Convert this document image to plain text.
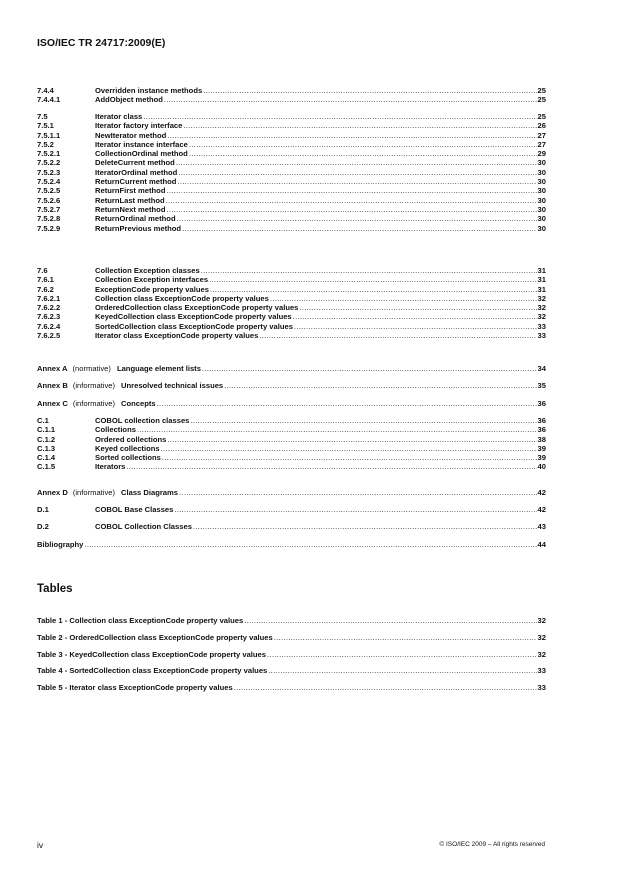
ISO/IEC TR 24717:2009(E)
7.4.4	Overridden instance methods .....	25
7.4.4.1	AddObject method .....	25
7.5	Iterator class .....	25
7.5.1	Iterator factory interface .....	26
7.5.1.1	NewIterator method .....	27
7.5.2	Iterator instance interface .....	27
7.5.2.1	CollectionOrdinal method .....	29
7.5.2.2	DeleteCurrent method .....	30
7.5.2.3	IteratorOrdinal method .....	30
7.5.2.4	ReturnCurrent method .....	30
7.5.2.5	ReturnFirst method .....	30
7.5.2.6	ReturnLast method .....	30
7.5.2.7	ReturnNext method .....	30
7.5.2.8	ReturnOrdinal method .....	30
7.5.2.9	ReturnPrevious method .....	30
7.6	Collection Exception classes .....	31
7.6.1	Collection Exception interfaces .....	31
7.6.2	ExceptionCode property values .....	31
7.6.2.1	Collection class ExceptionCode property values .....	32
7.6.2.2	OrderedCollection class ExceptionCode property values .....	32
7.6.2.3	KeyedCollection class ExceptionCode property values .....	32
7.6.2.4	SortedCollection class ExceptionCode property values .....	33
7.6.2.5	Iterator class ExceptionCode property values .....	33
Annex A (normative) Language element lists .....	34
Annex B (informative) Unresolved technical issues .....	35
Annex C (informative) Concepts .....	36
C.1	COBOL collection classes .....	36
C.1.1	Collections .....	36
C.1.2	Ordered collections .....	38
C.1.3	Keyed collections .....	39
C.1.4	Sorted collections .....	39
C.1.5	Iterators .....	40
Annex D (informative) Class Diagrams .....	42
D.1	COBOL Base Classes .....	42
D.2	COBOL Collection Classes .....	43
Bibliography .....	44
Table 1 - Collection class ExceptionCode property values .....	32
Table 2 - OrderedCollection class ExceptionCode property values .....	32
Table 3 - KeyedCollection class ExceptionCode property values .....	32
Table 4 - SortedCollection class ExceptionCode property values .....	33
Table 5 - Iterator class ExceptionCode property values .....	33
Tables
iv	© ISO/IEC 2009 – All rights reserved
